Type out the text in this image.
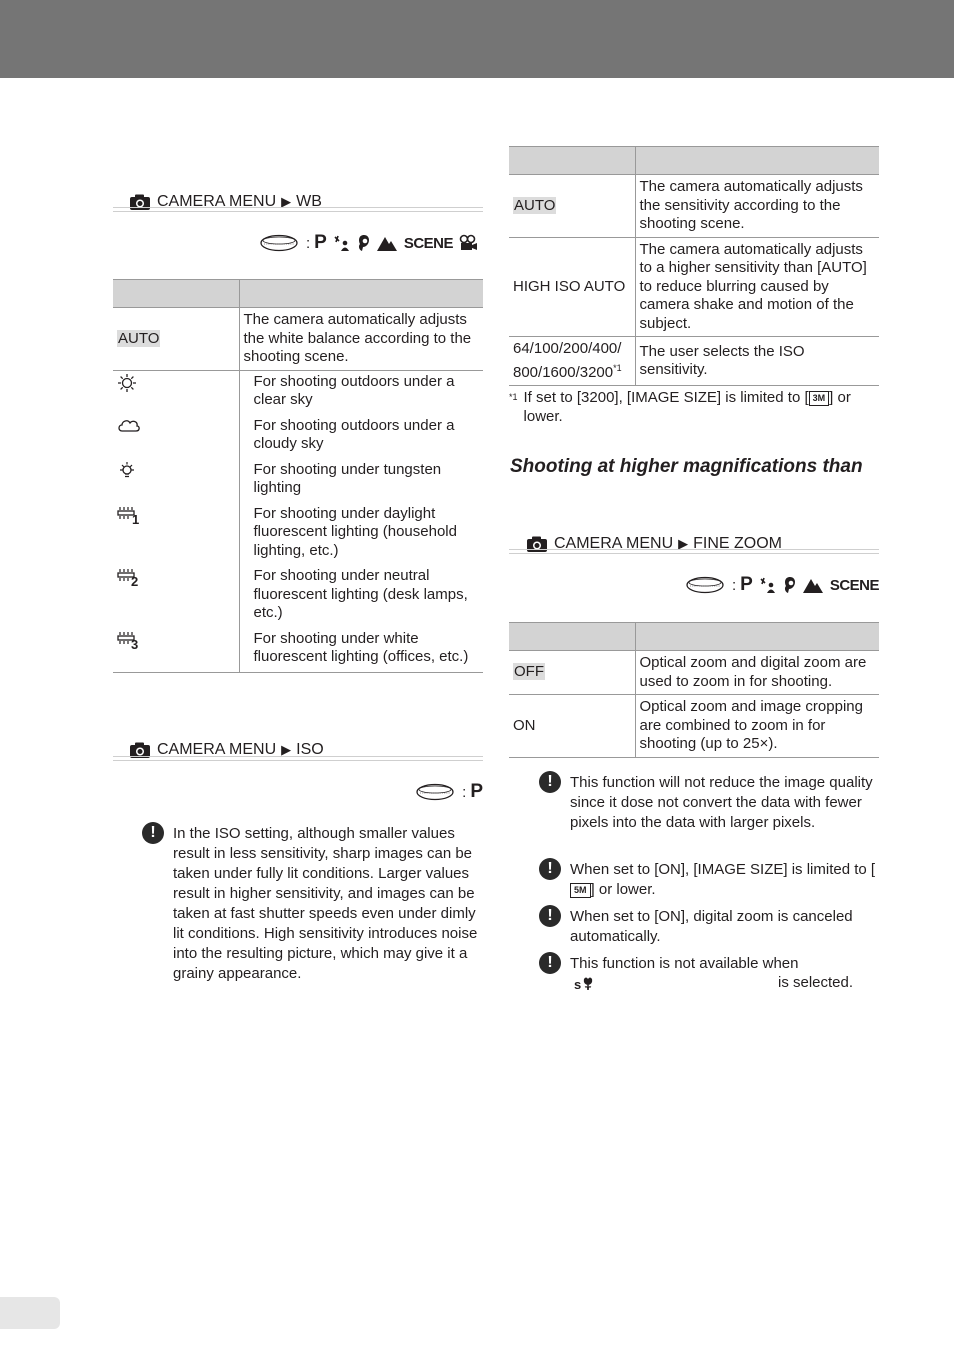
CAMERA MENU ▶ WB
: P	SCENE

AUTO	The camera automatically adjusts the white balance according to the shooting scene.
	For shooting outdoors under a clear sky
	For shooting outdoors under a cloudy sky
	For shooting under tungsten lighting

1	For shooting under daylight fluorescent lighting (household lighting, etc.)

2	For shooting under neutral fluorescent lighting (desk lamps, etc.)

3	For shooting under white fluorescent lighting (offices, etc.)
CAMERA MENU ▶ ISO
: P
!	In the ISO setting, although smaller values result in less sensitivity, sharp images can be taken under fully lit conditions. Larger values result in higher sensitivity, and images can be taken at fast shutter speeds even under dimly lit conditions. High sensitivity introduces noise into the resulting picture, which may give it a grainy appearance.

AUTO	The camera automatically adjusts the sensitivity according to the shooting scene.
HIGH ISO AUTO	The camera automatically adjusts to a higher sensitivity than [AUTO] to reduce blurring caused by camera shake and motion of the subject.
64/100/200/400/
800/1600/3200$^{*1}$	The user selects the ISO sensitivity.
*1 If set to [3200], [IMAGE SIZE] is limited to [ 3M ] or lower.
Shooting at higher magnifications than
CAMERA MENU ▶ FINE ZOOM
: P	SCENE

OFF	Optical zoom and digital zoom are used to zoom in for shooting.
ON	Optical zoom and image cropping are combined to zoom in for shooting (up to 25×).
!	This function will not reduce the image quality since it dose not convert the data with fewer pixels into the data with larger pixels.
!	When set to [ON], [IMAGE SIZE] is limited to [5M ] or lower.
!	When set to [ON], digital zoom is canceled automatically.
!	This function is not available when
s	is selected.
